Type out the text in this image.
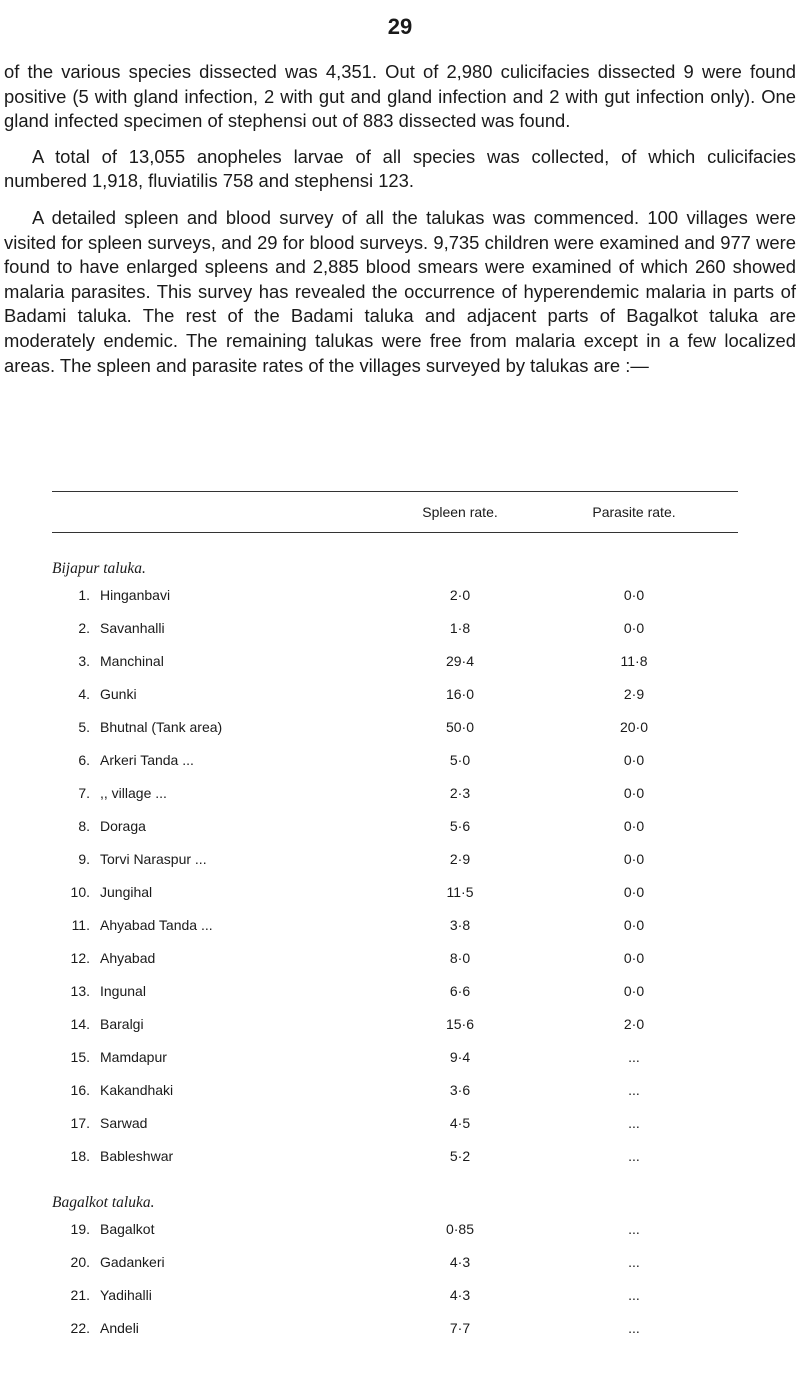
29

of the various species dissected was 4,351. Out of 2,980 culicifacies dissected 9 were found positive (5 with gland infection, 2 with gut and gland infection and 2 with gut infection only). One gland infected specimen of stephensi out of 883 dissected was found.

A total of 13,055 anopheles larvae of all species was collected, of which culicifacies numbered 1,918, fluviatilis 758 and stephensi 123.

A detailed spleen and blood survey of all the talukas was commenced. 100 villages were visited for spleen surveys, and 29 for blood surveys. 9,735 children were examined and 977 were found to have enlarged spleens and 2,885 blood smears were examined of which 260 showed malaria parasites. This survey has revealed the occurrence of hyperendemic malaria in parts of Badami taluka. The rest of the Badami taluka and adjacent parts of Bagalkot taluka are moderately endemic. The remaining talukas were free from malaria except in a few localized areas. The spleen and parasite rates of the villages surveyed by talukas are :—

		Spleen rate.	Parasite rate.
Bijapur taluka.			
1.	Hinganbavi	2·0	0·0
2.	Savanhalli	1·8	0·0
3.	Manchinal	29·4	11·8
4.	Gunki	16·0	2·9
5.	Bhutnal (Tank area)	50·0	20·0
6.	Arkeri Tanda ...	5·0	0·0
7.	,, village ...	2·3	0·0
8.	Doraga	5·6	0·0
9.	Torvi Naraspur ...	2·9	0·0
10.	Jungihal	11·5	0·0
11.	Ahyabad Tanda ...	3·8	0·0
12.	Ahyabad	8·0	0·0
13.	Ingunal	6·6	0·0
14.	Baralgi	15·6	2·0
15.	Mamdapur	9·4	...
16.	Kakandhaki	3·6	...
17.	Sarwad	4·5	...
18.	Bableshwar	5·2	...
Bagalkot taluka.			
19.	Bagalkot	0·85	...
20.	Gadankeri	4·3	...
21.	Yadihalli	4·3	...
22.	Andeli	7·7	...
